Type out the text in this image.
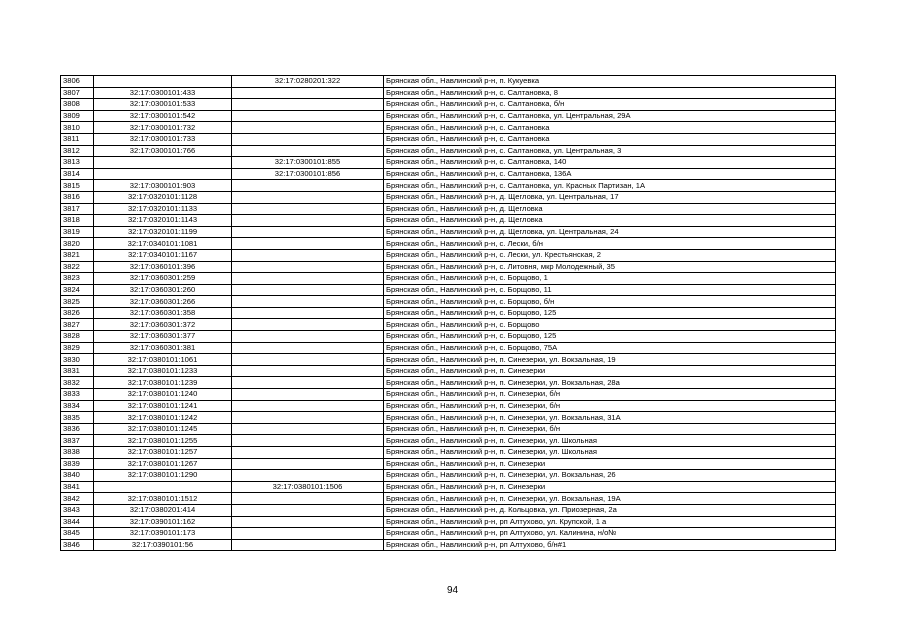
3806		32:17:0280201:322	Брянская обл., Навлинский р-н, п. Кукуевка
3807	32:17:0300101:433		Брянская обл., Навлинский р-н, с. Салтановка, 8
3808	32:17:0300101:533		Брянская обл., Навлинский р-н, с. Салтановка, б/н
3809	32:17:0300101:542		Брянская обл., Навлинский р-н, с. Салтановка, ул. Центральная, 29А
3810	32:17:0300101:732		Брянская обл., Навлинский р-н, с. Салтановка
3811	32:17:0300101:733		Брянская обл., Навлинский р-н, с. Салтановка
3812	32:17:0300101:766		Брянская обл., Навлинский р-н, с. Салтановка, ул. Центральная, 3
3813		32:17:0300101:855	Брянская обл., Навлинский р-н, с. Салтановка, 140
3814		32:17:0300101:856	Брянская обл., Навлинский р-н, с. Салтановка, 136А
3815	32:17:0300101:903		Брянская обл., Навлинский р-н, с. Салтановка, ул. Красных Партизан, 1А
3816	32:17:0320101:1128		Брянская обл., Навлинский р-н, д. Щегловка, ул. Центральная, 17
3817	32:17:0320101:1133		Брянская обл., Навлинский р-н, д. Щегловка
3818	32:17:0320101:1143		Брянская обл., Навлинский р-н, д. Щегловка
3819	32:17:0320101:1199		Брянская обл., Навлинский р-н, д. Щегловка, ул. Центральная, 24
3820	32:17:0340101:1081		Брянская обл., Навлинский р-н, с. Лески, б/н
3821	32:17:0340101:1167		Брянская обл., Навлинский р-н, с. Лески, ул. Крестьянская, 2
3822	32:17:0360101:396		Брянская обл., Навлинский р-н, с. Литовня, мкр Молодежный, 35
3823	32:17:0360301:259		Брянская обл., Навлинский р-н, с. Борщово, 1
3824	32:17:0360301:260		Брянская обл., Навлинский р-н, с. Борщово, 11
3825	32:17:0360301:266		Брянская обл., Навлинский р-н, с. Борщово, б/н
3826	32:17:0360301:358		Брянская обл., Навлинский р-н, с. Борщово, 125
3827	32:17:0360301:372		Брянская обл., Навлинский р-н, с. Борщово
3828	32:17:0360301:377		Брянская обл., Навлинский р-н, с. Борщово, 125
3829	32:17:0360301:381		Брянская обл., Навлинский р-н, с. Борщово, 75А
3830	32:17:0380101:1061		Брянская обл., Навлинский р-н, п. Синезерки, ул. Вокзальная, 19
3831	32:17:0380101:1233		Брянская обл., Навлинский р-н, п. Синезерки
3832	32:17:0380101:1239		Брянская обл., Навлинский р-н, п. Синезерки, ул. Вокзальная, 28а
3833	32:17:0380101:1240		Брянская обл., Навлинский р-н, п. Синезерки, б/н
3834	32:17:0380101:1241		Брянская обл., Навлинский р-н, п. Синезерки, б/н
3835	32:17:0380101:1242		Брянская обл., Навлинский р-н, п. Синезерки, ул. Вокзальная, 31А
3836	32:17:0380101:1245		Брянская обл., Навлинский р-н, п. Синезерки, б/н
3837	32:17:0380101:1255		Брянская обл., Навлинский р-н, п. Синезерки, ул. Школьная
3838	32:17:0380101:1257		Брянская обл., Навлинский р-н, п. Синезерки, ул. Школьная
3839	32:17:0380101:1267		Брянская обл., Навлинский р-н, п. Синезерки
3840	32:17:0380101:1290		Брянская обл., Навлинский р-н, п. Синезерки, ул. Вокзальная, 26
3841		32:17:0380101:1506	Брянская обл., Навлинский р-н, п. Синезерки
3842	32:17:0380101:1512		Брянская обл., Навлинский р-н, п. Синезерки, ул. Вокзальная, 19А
3843	32:17:0380201:414		Брянская обл., Навлинский р-н, д. Кольцовка, ул. Приозерная, 2а
3844	32:17:0390101:162		Брянская обл., Навлинский р-н, рп Алтухово, ул. Крупской, 1 а
3845	32:17:0390101:173		Брянская обл., Навлинский р-н, рп Алтухово, ул. Калинина, н/о№
3846	32:17:0390101:56		Брянская обл., Навлинский р-н, рп Алтухово, б/н#1
94
